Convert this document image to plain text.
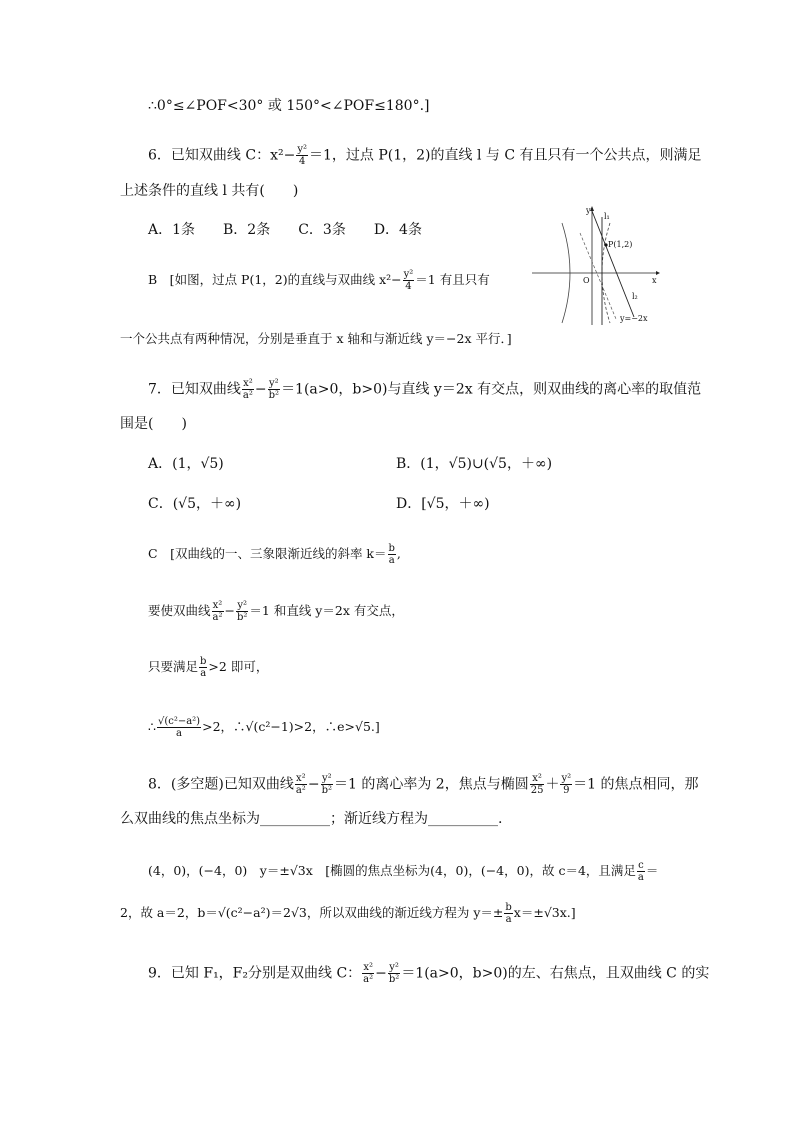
∴0°≤∠POF<30° 或 150°<∠POF≤180°.]
6．已知双曲线 C：$x^2- \frac{\text{y²}}{4} =1$，过点 P(1，2)的直线 l 与 C 有且只有一个公共点，则满足
上述条件的直线 l 共有(　　)
A．1条　　B．2条　　C．3条　　D．4条
B　[如图，过点 P(1，2)的直线与双曲线 $x^2- \frac{\text{y²}}{4} =1$ 有且只有
一个公共点有两种情况，分别是垂直于 x 轴和与渐近线 y＝−2x 平行．]
l₁
P(1,2)
O	x
y
l₂
y=−2x
7．已知双曲线 $\frac{\text{x²}}{\text{a²}} - \frac{\text{y²}}{\text{b²}} =1(a>0$，b>0)与直线 y＝2x 有交点，则双曲线的离心率的取值范
围是(　　)
A．(1，√5)	B．(1，√5)∪(√5，＋∞)
C．(√5，＋∞)	D．[√5，＋∞)
C　[双曲线的一、三象限渐近线的斜率 $k= \frac{b}{a}$ ,
要使双曲线 $\frac{\text{x²}}{\text{a²}} - \frac{\text{y²}}{\text{b²}} =1$ 和直线 y＝2x 有交点，
只要满足 $\frac{b}{a} >2$ 即可，
∴ $\frac{\text{√(c²−a²)}}{a} >2$，∴√(c²−1)>2，∴e>√5.]
8．(多空题)已知双曲线 $\frac{\text{x²}}{\text{a²}} - \frac{\text{y²}}{\text{b²}} =1$ 的离心率为 2，焦点与椭圆 $\frac{\text{x²}}{25} + \frac{\text{y²}}{9} =1$ 的焦点相同，那
么双曲线的焦点坐标为__________；渐近线方程为__________.
(4，0)，(−4，0)　y＝±√3x　[椭圆的焦点坐标为(4，0)，(−4，0)，故 c＝4，且满足 $\frac{c}{a}$ ＝
2，故 a＝2，b＝√(c²−a²)＝2√3，所以双曲线的渐近线方程为 $y=\pm \frac{b}{a} x=\pm√3x$.]
9．已知 F₁，F₂分别是双曲线 C： $\frac{\text{x²}}{\text{a²}} - \frac{\text{y²}}{\text{b²}} =1(a>0$，b>0)的左、右焦点，且双曲线 C 的实
